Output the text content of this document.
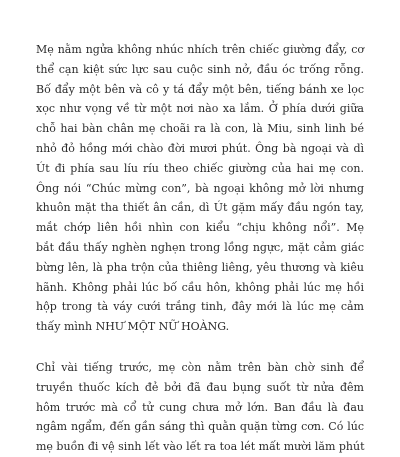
Mẹ nằm ngửa không nhúc nhích trên chiếc giường đẩy, cơ
thể cạn kiệt sức lực sau cuộc sinh nở, đầu óc trống rỗng.
Bố đẩy một bên và cô y tá đẩy một bên, tiếng bánh xe lọc
xọc như vọng về từ một nơi nào xa lắm. Ở phía dưới giữa
chỗ hai bàn chân mẹ choãi ra là con, là Miu, sinh linh bé
nhỏ đỏ hồng mới chào đời mươi phút. Ông bà ngoại và dì
Út đi phía sau líu ríu theo chiếc giường của hai mẹ con.
Ông nói “Chúc mừng con”, bà ngoại không mở lời nhưng
khuôn mặt tha thiết ân cần, dì Út gặm mấy đầu ngón tay,
mắt chớp liên hồi nhìn con kiểu “chịu không nổi”. Mẹ
bắt đầu thấy nghèn nghẹn trong lồng ngực, mặt cảm giác
bừng lên, là pha trộn của thiêng liêng, yêu thương và kiêu
hãnh. Không phải lúc bố cầu hôn, không phải lúc mẹ hồi
hộp trong tà váy cưới trắng tinh, đây mới là lúc mẹ cảm
thấy mình NHƯ MỘT NỮ HOÀNG.
Chỉ vài tiếng trước, mẹ còn nằm trên bàn chờ sinh để
truyền thuốc kích đẻ bởi đã đau bụng suốt từ nửa đêm
hôm trước mà cổ tử cung chưa mở lớn. Ban đầu là đau
ngâm ngẩm, đến gần sáng thì quằn quặn từng cơn. Có lúc
mẹ buồn đi vệ sinh lết vào lết ra toa lét mất mười lăm phút
